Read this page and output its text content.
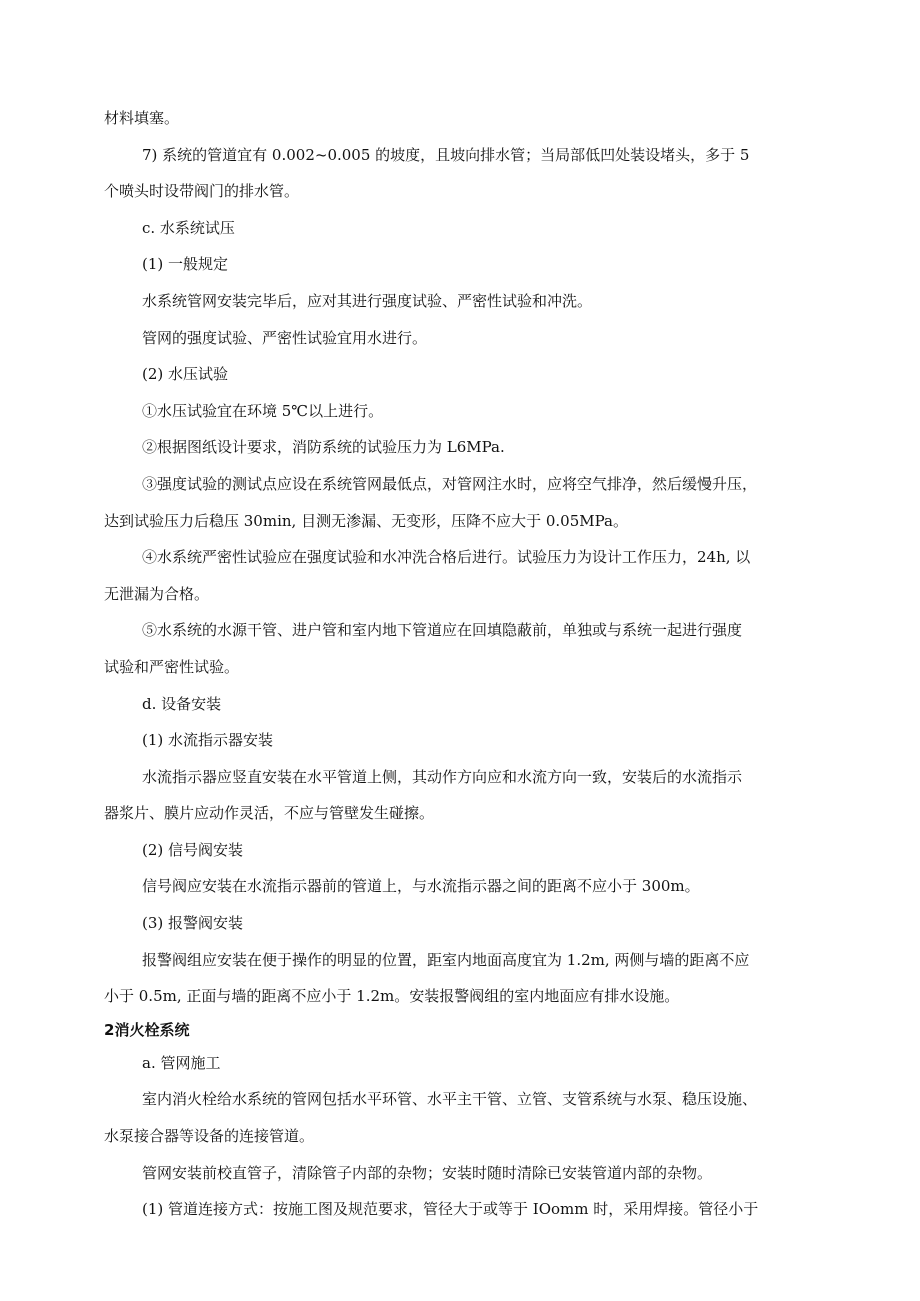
材料填塞。
7) 系统的管道宜有 0.002~0.005 的坡度，且坡向排水管；当局部低凹处装设堵头，多于 5
个喷头时设带阀门的排水管。
c. 水系统试压
(1) 一般规定
水系统管网安装完毕后，应对其进行强度试验、严密性试验和冲洗。
管网的强度试验、严密性试验宜用水进行。
(2) 水压试验
①水压试验宜在环境 5℃以上进行。
②根据图纸设计要求，消防系统的试验压力为 L6MPa.
③强度试验的测试点应设在系统管网最低点，对管网注水时，应将空气排净，然后缓慢升压，
达到试验压力后稳压 30min, 目测无渗漏、无变形，压降不应大于 0.05MPa。
④水系统严密性试验应在强度试验和水冲洗合格后进行。试验压力为设计工作压力，24h, 以
无泄漏为合格。
⑤水系统的水源干管、进户管和室内地下管道应在回填隐蔽前，单独或与系统一起进行强度
试验和严密性试验。
d. 设备安装
(1) 水流指示器安装
水流指示器应竖直安装在水平管道上侧，其动作方向应和水流方向一致，安装后的水流指示
器浆片、膜片应动作灵活，不应与管壁发生碰擦。
(2) 信号阀安装
信号阀应安装在水流指示器前的管道上，与水流指示器之间的距离不应小于 300m。
(3) 报警阀安装
报警阀组应安装在便于操作的明显的位置，距室内地面高度宜为 1.2m, 两侧与墙的距离不应
小于 0.5m, 正面与墙的距离不应小于 1.2m。安装报警阀组的室内地面应有排水设施。
2消火栓系统
a. 管网施工
室内消火栓给水系统的管网包括水平环管、水平主干管、立管、支管系统与水泵、稳压设施、
水泵接合器等设备的连接管道。
管网安装前校直管子，清除管子内部的杂物；安装时随时清除已安装管道内部的杂物。
(1) 管道连接方式：按施工图及规范要求，管径大于或等于 IOomm 时，采用焊接。管径小于
